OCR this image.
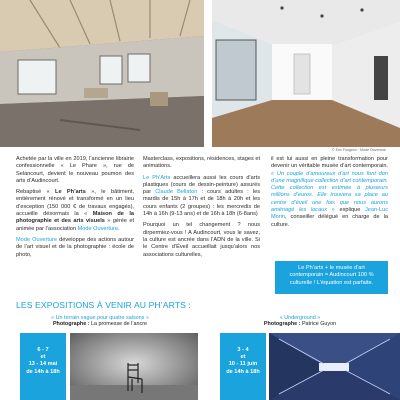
© Eric Fougeux · Mode Ouverture

Achetée par la ville en 2019, l’ancienne librairie confessionnelle « Le Phare », rue de Selancourt, devient le nouveau poumon des arts d’Audincourt.

Rebaptisé « Le Ph’arts », le bâtiment, entièrement rénové et transformé en un lieu d’exception (150 000 € de travaux engagés), accueille désormais la « Maison de la photographie et des arts visuels » gérée et animée par l’association Mode Ouverture.

Mode Ouverture développe des actions autour de l’art visuel et de la photographie : école de photo,

Masterclass, expositions, résidences, stages et animations.

Le Ph’Arts accueillera aussi les cours d’arts plastiques (cours de dessin-peinture) assurés par Claude Bellaton : cours adultes : les mardis de 15h à 17h et de 18h à 20h et les cours enfants (2 groupes) : les mercredis de 14h à 16h (9-13 ans) et de 16h à 18h (6-8ans)

Pourquoi un tel changement ? nous dirpermiez-vous ! A Audincourt, vous le savez, la culture est ancrée dans l’ADN de la ville. Si le Centre d’Éveil accueillait jusqu’alors nos associations culturelles,

il est lui aussi en pleine transformation pour devenir un véritable musée d’art contemporain. « Un couple d’amoureux d’art nous font don d’une magnifique collection d’art contemporain. Cette collection est estimée à plusieurs millions d’euros. Elle trouvera sa place au centre d’éveil une fois que nous aurons aménagé les locaux » explique Jean-Luc Morin, conseiller délégué en charge de la culture.

Le Ph’arts + le musée d’art contemporain = Audincourt 100 % culturelle ! L’équation est parfaite.
LES EXPOSITIONS À VENIR AU PH’ARTS :
« Un terrain vague pour quatre saisons »
Photographe : La promesse de l’ancre
« Underground »
Photographe : Patrice Guyon
6 - 7
et
13 - 14 mai
de 14h à 18h
3 - 4
et
10 - 11 juin
de 14h à 18h
